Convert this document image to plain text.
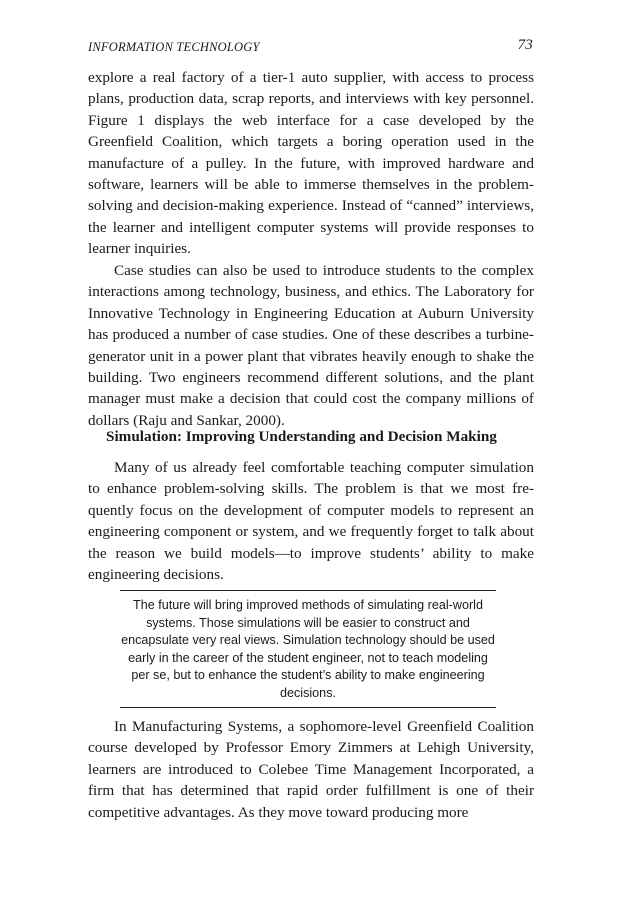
INFORMATION TECHNOLOGY	73

explore a real factory of a tier-1 auto supplier, with access to process plans, production data, scrap reports, and interviews with key personnel. Figure 1 displays the web interface for a case developed by the Greenfield Coalition, which targets a boring operation used in the manufacture of a pulley. In the future, with improved hardware and software, learners will be able to immerse themselves in the problem-solving and decision-making experience. Instead of “canned” interviews, the learner and intelligent computer systems will provide responses to learner inquiries.

Case studies can also be used to introduce students to the complex interactions among technology, business, and ethics. The Laboratory for Innovative Technology in Engineering Education at Auburn University has produced a number of case studies. One of these describes a turbine-generator unit in a power plant that vibrates heavily enough to shake the building. Two engineers recommend different solutions, and the plant manager must make a decision that could cost the company millions of dollars (Raju and Sankar, 2000).

Simulation: Improving Understanding and Decision Making

Many of us already feel comfortable teaching computer simulation to enhance problem-solving skills. The problem is that we most frequently focus on the development of computer models to represent an engineering component or system, and we frequently forget to talk about the reason we build models—to improve students’ ability to make engineering decisions.

The future will bring improved methods of simulating real-world systems. Those simulations will be easier to construct and encapsulate very real views. Simulation technology should be used early in the career of the student engineer, not to teach modeling per se, but to enhance the student’s ability to make engineering decisions.

In Manufacturing Systems, a sophomore-level Greenfield Coalition course developed by Professor Emory Zimmers at Lehigh University, learners are introduced to Colebee Time Management Incorporated, a firm that has determined that rapid order fulfillment is one of their competitive advantages. As they move toward producing more
